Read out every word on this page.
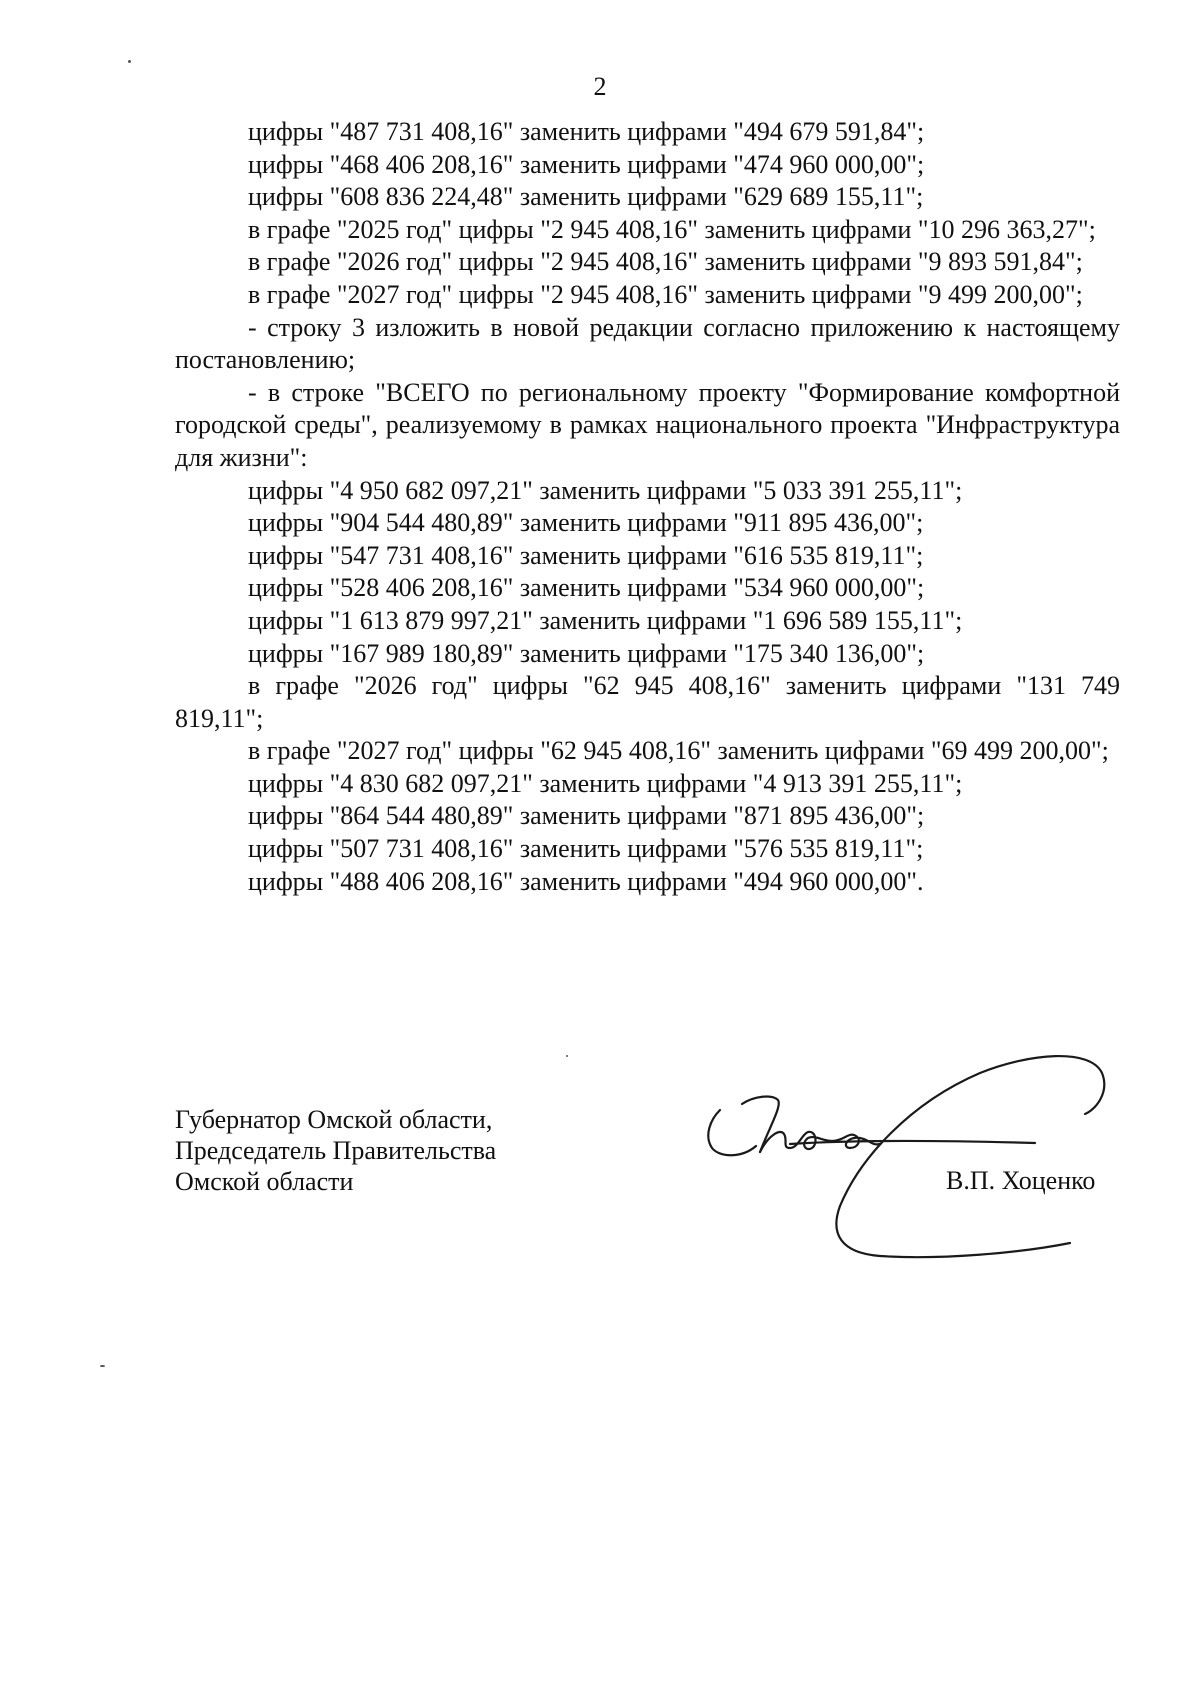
2

цифры "487 731 408,16" заменить цифрами "494 679 591,84";

цифры "468 406 208,16" заменить цифрами "474 960 000,00";

цифры "608 836 224,48" заменить цифрами "629 689 155,11";

в графе "2025 год" цифры "2 945 408,16" заменить цифрами "10 296 363,27";

в графе "2026 год" цифры "2 945 408,16" заменить цифрами "9 893 591,84";

в графе "2027 год" цифры "2 945 408,16" заменить цифрами "9 499 200,00";

- строку 3 изложить в новой редакции согласно приложению к настоящему постановлению;

- в строке "ВСЕГО по региональному проекту "Формирование комфортной городской среды", реализуемому в рамках национального проекта "Инфраструктура для жизни":

цифры "4 950 682 097,21" заменить цифрами "5 033 391 255,11";

цифры "904 544 480,89" заменить цифрами "911 895 436,00";

цифры "547 731 408,16" заменить цифрами "616 535 819,11";

цифры "528 406 208,16" заменить цифрами "534 960 000,00";

цифры "1 613 879 997,21" заменить цифрами "1 696 589 155,11";

цифры "167 989 180,89" заменить цифрами "175 340 136,00";

в графе "2026 год" цифры "62 945 408,16" заменить цифрами "131 749 819,11";

в графе "2027 год" цифры "62 945 408,16" заменить цифрами "69 499 200,00";

цифры "4 830 682 097,21" заменить цифрами "4 913 391 255,11";

цифры "864 544 480,89" заменить цифрами "871 895 436,00";

цифры "507 731 408,16" заменить цифрами "576 535 819,11";

цифры "488 406 208,16" заменить цифрами "494 960 000,00".

Губернатор Омской области,
Председатель Правительства
Омской области	В.П. Хоценко
